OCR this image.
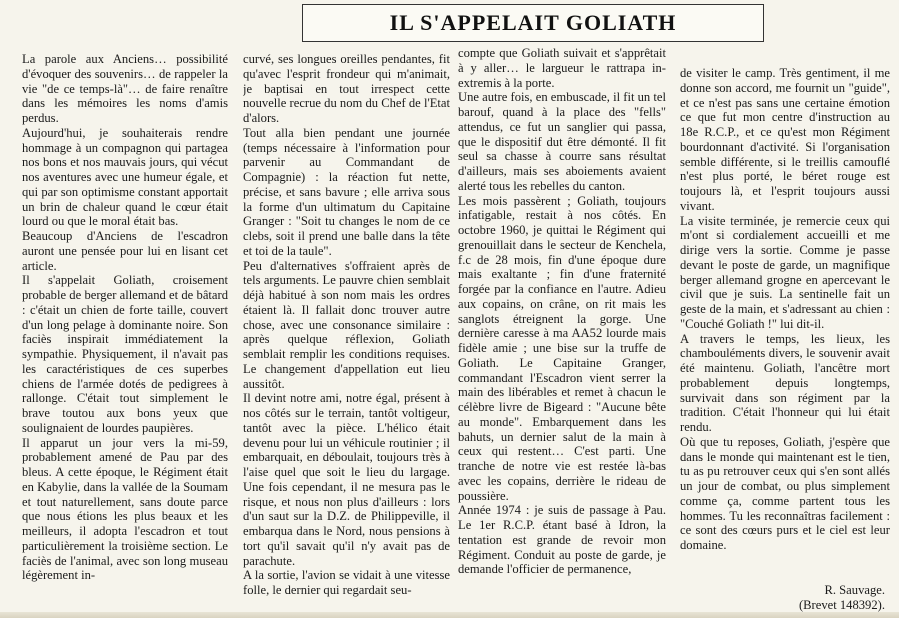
IL S'APPELAIT GOLIATH

La parole aux Anciens… possibilité d'évoquer des souvenirs… de rappeler la vie "de ce temps-là"… de faire renaître dans les mémoires les noms d'amis perdus.

Aujourd'hui, je souhaiterais rendre hommage à un compagnon qui partagea nos bons et nos mauvais jours, qui vécut nos aventures avec une humeur égale, et qui par son optimisme constant apportait un brin de chaleur quand le cœur était lourd ou que le moral était bas.

Beaucoup d'Anciens de l'escadron auront une pensée pour lui en lisant cet article.

Il s'appelait Goliath, croisement probable de berger allemand et de bâtard : c'était un chien de forte taille, couvert d'un long pelage à dominante noire. Son faciès inspirait immédiatement la sympathie. Physiquement, il n'avait pas les caractéristiques de ces superbes chiens de l'armée dotés de pedigrees à rallonge. C'était tout simplement le brave toutou aux bons yeux que soulignaient de lourdes paupières.

Il apparut un jour vers la mi-59, probablement amené de Pau par des bleus. A cette époque, le Régiment était en Kabylie, dans la vallée de la Soumam et tout naturellement, sans doute parce que nous étions les plus beaux et les meilleurs, il adopta l'escadron et tout particulièrement la troisième section. Le faciès de l'animal, avec son long museau légèrement in-

curvé, ses longues oreilles pendantes, fit qu'avec l'esprit frondeur qui m'animait, je baptisai en tout irrespect cette nouvelle recrue du nom du Chef de l'Etat d'alors.

Tout alla bien pendant une journée (temps nécessaire à l'information pour parvenir au Commandant de Compagnie) : la réaction fut nette, précise, et sans bavure ; elle arriva sous la forme d'un ultimatum du Capitaine Granger : "Soit tu changes le nom de ce clebs, soit il prend une balle dans la tête et toi de la taule".

Peu d'alternatives s'offraient après de tels arguments. Le pauvre chien semblait déjà habitué à son nom mais les ordres étaient là. Il fallait donc trouver autre chose, avec une consonance similaire : après quelque réflexion, Goliath semblait remplir les conditions requises. Le changement d'appellation eut lieu aussitôt.

Il devint notre ami, notre égal, présent à nos côtés sur le terrain, tantôt voltigeur, tantôt avec la pièce. L'hélico était devenu pour lui un véhicule routinier ; il embarquait, en déboulait, toujours très à l'aise quel que soit le lieu du largage. Une fois cependant, il ne mesura pas le risque, et nous non plus d'ailleurs : lors d'un saut sur la D.Z. de Philippeville, il embarqua dans le Nord, nous pensions à tort qu'il savait qu'il n'y avait pas de parachute.

A la sortie, l'avion se vidait à une vitesse folle, le dernier qui regardait seu-

compte que Goliath suivait et s'apprêtait à y aller… le largueur le rattrapa in-extremis à la porte.

Une autre fois, en embuscade, il fit un tel barouf, quand à la place des "fells" attendus, ce fut un sanglier qui passa, que le dispositif dut être démonté. Il fit seul sa chasse à courre sans résultat d'ailleurs, mais ses aboiements avaient alerté tous les rebelles du canton.

Les mois passèrent ; Goliath, toujours infatigable, restait à nos côtés. En octobre 1960, je quittai le Régiment qui grenouillait dans le secteur de Kenchela, f.c de 28 mois, fin d'une époque dure mais exaltante ; fin d'une fraternité forgée par la confiance en l'autre. Adieu aux copains, on crâne, on rit mais les sanglots étreignent la gorge. Une dernière caresse à ma AA52 lourde mais fidèle amie ; une bise sur la truffe de Goliath. Le Capitaine Granger, commandant l'Escadron vient serrer la main des libérables et remet à chacun le célèbre livre de Bigeard : "Aucune bête au monde". Embarquement dans les bahuts, un dernier salut de la main à ceux qui restent… C'est parti. Une tranche de notre vie est restée là-bas avec les copains, derrière le rideau de poussière.

Année 1974 : je suis de passage à Pau. Le 1er R.C.P. étant basé à Idron, la tentation est grande de revoir mon Régiment. Conduit au poste de garde, je demande l'officier de permanence,

de visiter le camp. Très gentiment, il me donne son accord, me fournit un "guide", et ce n'est pas sans une certaine émotion ce que fut mon centre d'instruction au 18e R.C.P., et ce qu'est mon Régiment bourdonnant d'activité. Si l'organisation semble différente, si le treillis camouflé n'est plus porté, le béret rouge est toujours là, et l'esprit toujours aussi vivant.

La visite terminée, je remercie ceux qui m'ont si cordialement accueilli et me dirige vers la sortie. Comme je passe devant le poste de garde, un magnifique berger allemand grogne en apercevant le civil que je suis. La sentinelle fait un geste de la main, et s'adressant au chien : "Couché Goliath !" lui dit-il.

A travers le temps, les lieux, les chambouléments divers, le souvenir avait été maintenu. Goliath, l'ancêtre mort probablement depuis longtemps, survivait dans son régiment par la tradition. C'était l'honneur qui lui était rendu.

Où que tu reposes, Goliath, j'espère que dans le monde qui maintenant est le tien, tu as pu retrouver ceux qui s'en sont allés un jour de combat, ou plus simplement comme ça, comme partent tous les hommes. Tu les reconnaîtras facilement : ce sont des cœurs purs et le ciel est leur domaine.

R. Sauvage.
(Brevet 148392).
